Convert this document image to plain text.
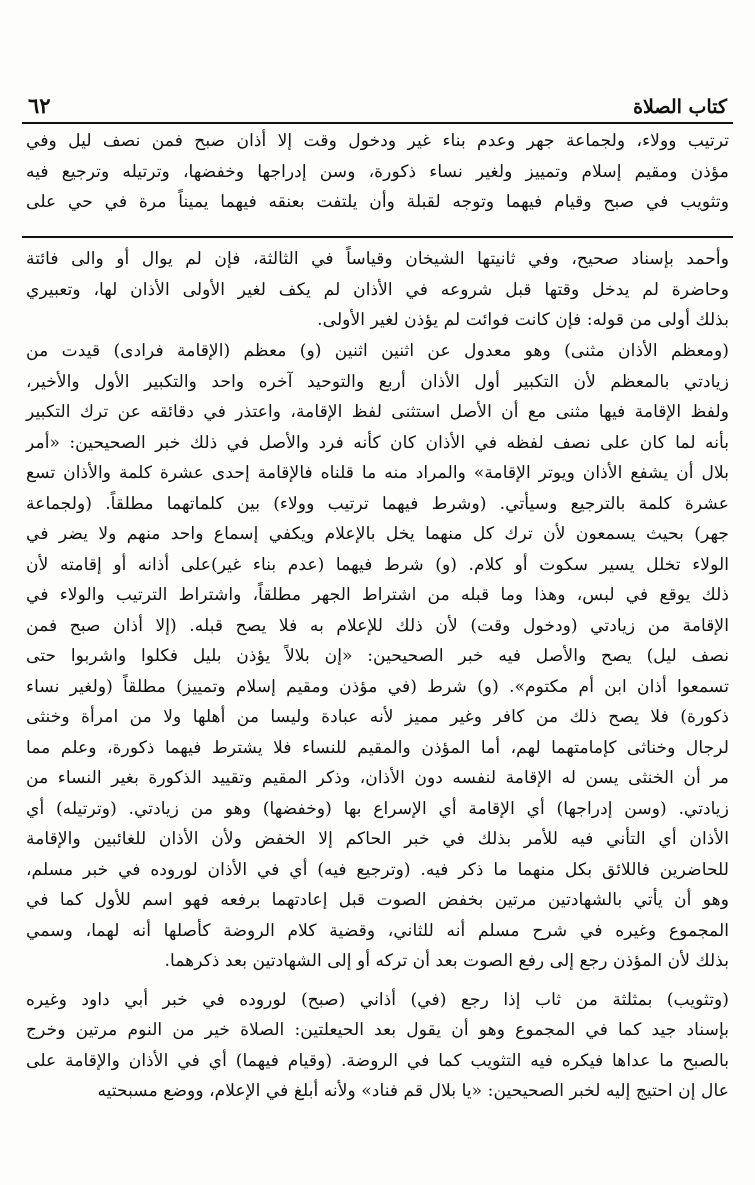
كتاب الصلاة
٦٢
ترتيب وولاء، ولجماعة جهر وعدم بناء غير ودخول وقت إلا أذان صبح فمن نصف ليل وفي
مؤذن ومقيم إسلام وتمييز ولغير نساء ذكورة، وسن إدراجها وخفضها، وترتيله وترجيع فيه
وتثويب في صبح وقيام فيهما وتوجه لقبلة وأن يلتفت بعنقه فيهما يميناً مرة في حي على
وأحمد بإسناد صحيح، وفي ثانيتها الشيخان وقياساً في الثالثة، فإن لم يوال أو والى فائتة
وحاضرة لم يدخل وقتها قبل شروعه في الأذان لم يكف لغير الأولى الأذان لها، وتعبيري
بذلك أولى من قوله: فإن كانت فوائت لم يؤذن لغير الأولى.
(ومعظم الأذان مثنى) وهو معدول عن اثنين اثنين (و) معظم (الإقامة فرادى) قيدت من
زيادتي بالمعظم لأن التكبير أول الأذان أربع والتوحيد آخره واحد والتكبير الأول والأخير،
ولفظ الإقامة فيها مثنى مع أن الأصل استثنى لفظ الإقامة، واعتذر في دقائقه عن ترك التكبير
بأنه لما كان على نصف لفظه في الأذان كان كأنه فرد والأصل في ذلك خبر الصحيحين: «أمر
بلال أن يشفع الأذان ويوتر الإقامة» والمراد منه ما قلناه فالإقامة إحدى عشرة كلمة والأذان تسع
عشرة كلمة بالترجيع وسيأتي. (وشرط فيهما ترتيب وولاء) بين كلماتهما مطلقاً. (ولجماعة
جهر) بحيث يسمعون لأن ترك كل منهما يخل بالإعلام ويكفي إسماع واحد منهم ولا يضر في
الولاء تخلل يسير سكوت أو كلام. (و) شرط فيهما (عدم بناء غير)على أذانه أو إقامته لأن
ذلك يوقع في لبس، وهذا وما قبله من اشتراط الجهر مطلقاً، واشتراط الترتيب والولاء في
الإقامة من زيادتي (ودخول وقت) لأن ذلك للإعلام به فلا يصح قبله. (إلا أذان صبح فمن
نصف ليل) يصح والأصل فيه خبر الصحيحين: «إن بلالاً يؤذن بليل فكلوا واشربوا حتى
تسمعوا أذان ابن أم مكتوم». (و) شرط (في مؤذن ومقيم إسلام وتمييز) مطلقاً (ولغير نساء
ذكورة) فلا يصح ذلك من كافر وغير مميز لأنه عبادة وليسا من أهلها ولا من امرأة وخنثى
لرجال وخناثى كإمامتهما لهم، أما المؤذن والمقيم للنساء فلا يشترط فيهما ذكورة، وعلم مما
مر أن الخنثى يسن له الإقامة لنفسه دون الأذان، وذكر المقيم وتقييد الذكورة بغير النساء من
زيادتي. (وسن إدراجها) أي الإقامة أي الإسراع بها (وخفضها) وهو من زيادتي. (وترتيله) أي
الأذان أي التأني فيه للأمر بذلك في خبر الحاكم إلا الخفض ولأن الأذان للغائبين والإقامة
للحاضرين فاللائق بكل منهما ما ذكر فيه. (وترجيع فيه) أي في الأذان لوروده في خبر مسلم،
وهو أن يأتي بالشهادتين مرتين بخفض الصوت قبل إعادتهما برفعه فهو اسم للأول كما في
المجموع وغيره في شرح مسلم أنه للثاني، وقضية كلام الروضة كأصلها أنه لهما، وسمي
بذلك لأن المؤذن رجع إلى رفع الصوت بعد أن تركه أو إلى الشهادتين بعد ذكرهما.
(وتثويب) بمثلثة من ثاب إذا رجع (في) أذاني (صبح) لوروده في خبر أبي داود وغيره
بإسناد جيد كما في المجموع وهو أن يقول بعد الحيعلتين: الصلاة خير من النوم مرتين وخرج
بالصبح ما عداها فيكره فيه التثويب كما في الروضة. (وقيام فيهما) أي في الأذان والإقامة على
عال إن احتيج إليه لخبر الصحيحين: «يا بلال قم فناد» ولأنه أبلغ في الإعلام، ووضع مسبحتيه
